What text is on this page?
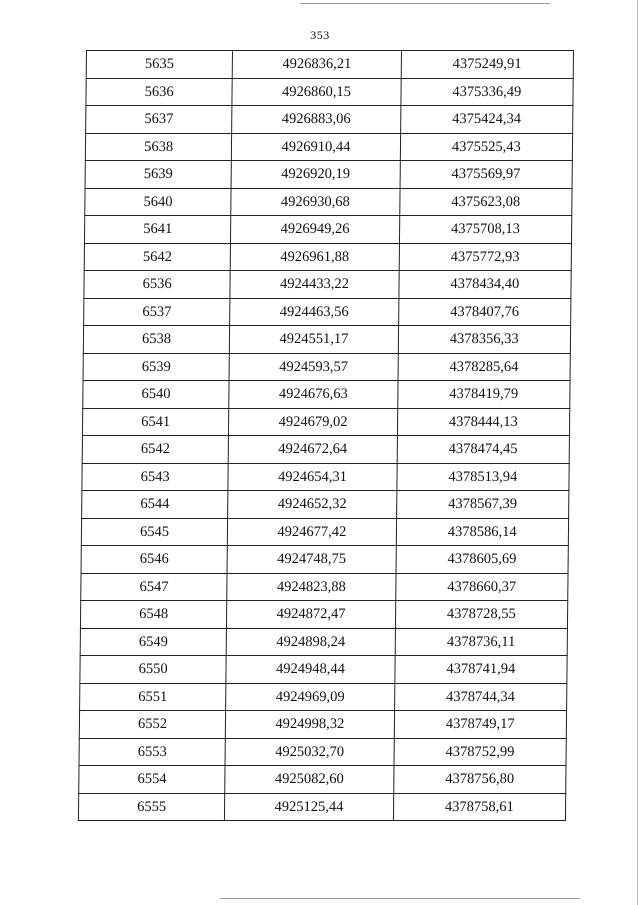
353
5635	4926836,21	4375249,91
5636	4926860,15	4375336,49
5637	4926883,06	4375424,34
5638	4926910,44	4375525,43
5639	4926920,19	4375569,97
5640	4926930,68	4375623,08
5641	4926949,26	4375708,13
5642	4926961,88	4375772,93
6536	4924433,22	4378434,40
6537	4924463,56	4378407,76
6538	4924551,17	4378356,33
6539	4924593,57	4378285,64
6540	4924676,63	4378419,79
6541	4924679,02	4378444,13
6542	4924672,64	4378474,45
6543	4924654,31	4378513,94
6544	4924652,32	4378567,39
6545	4924677,42	4378586,14
6546	4924748,75	4378605,69
6547	4924823,88	4378660,37
6548	4924872,47	4378728,55
6549	4924898,24	4378736,11
6550	4924948,44	4378741,94
6551	4924969,09	4378744,34
6552	4924998,32	4378749,17
6553	4925032,70	4378752,99
6554	4925082,60	4378756,80
6555	4925125,44	4378758,61
